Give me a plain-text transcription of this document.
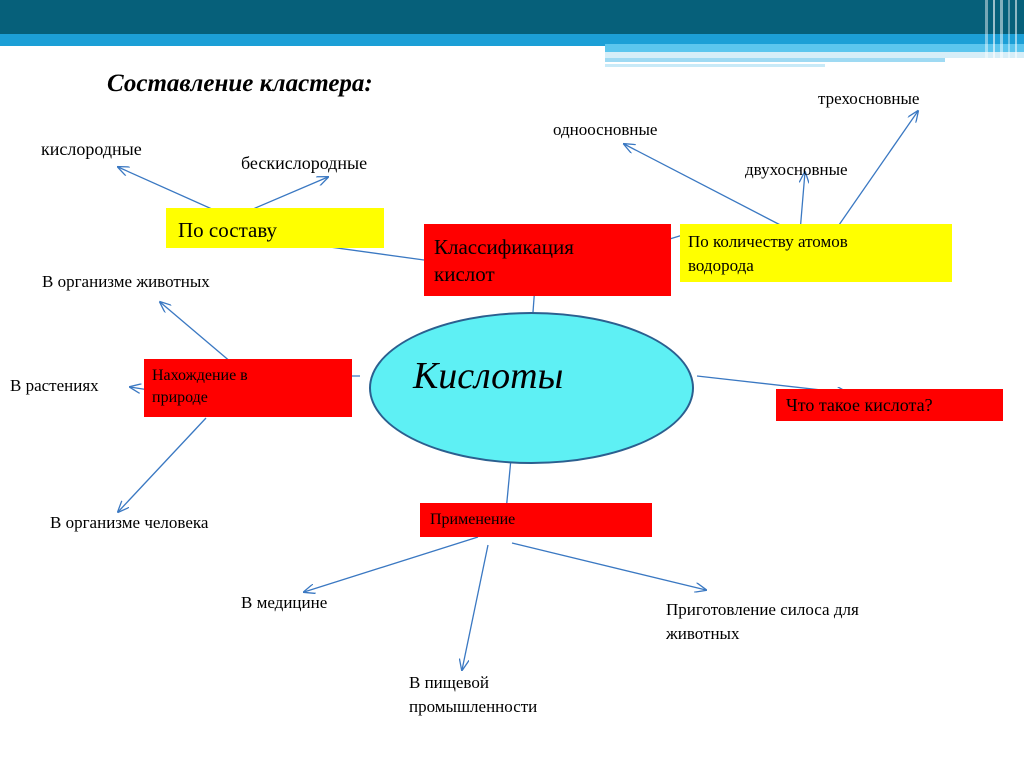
Составление кластера:
Кислоты
Классификация
кислот
По составу	По количеству атомов
водорода
Нахождение в
природе	Что такое кислота?
Применение
кислородные
бескислородные
одноосновные
двухосновные
трехосновные
В организме животных
В растениях
В организме человека
В медицине
В пищевой
промышленности
Приготовление силоса для
животных
